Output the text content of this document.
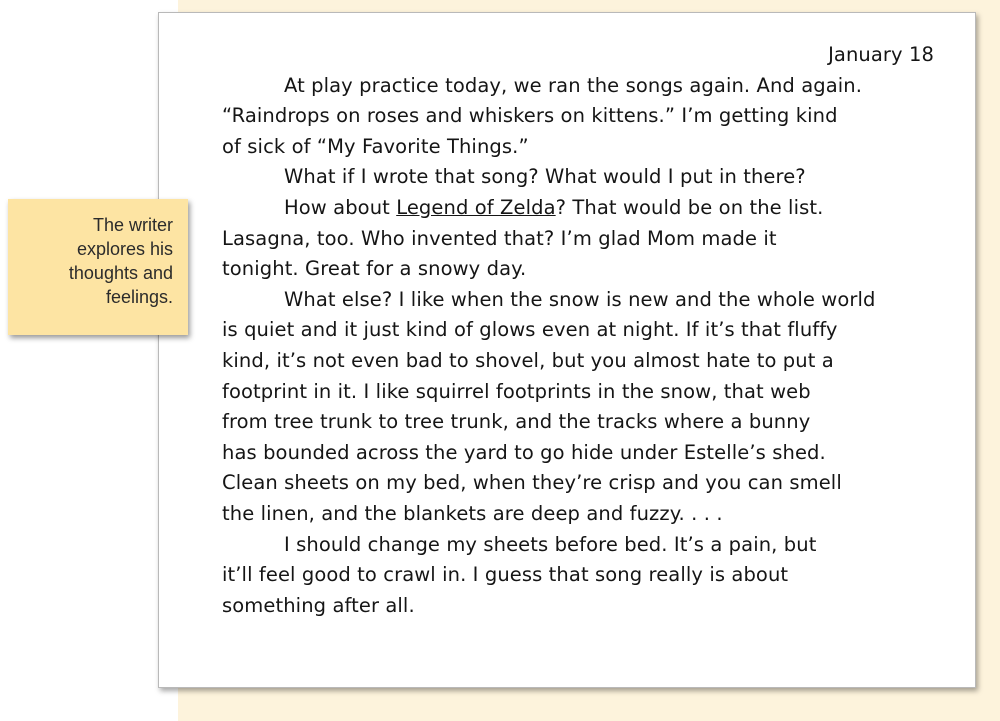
January 18

At play practice today, we ran the songs again. And again.
“Raindrops on roses and whiskers on kittens.” I’m getting kind
of sick of “My Favorite Things.”

What if I wrote that song? What would I put in there?

How about Legend of Zelda? That would be on the list.
Lasagna, too. Who invented that? I’m glad Mom made it
tonight. Great for a snowy day.

What else? I like when the snow is new and the whole world
is quiet and it just kind of glows even at night. If it’s that fluffy
kind, it’s not even bad to shovel, but you almost hate to put a
footprint in it. I like squirrel footprints in the snow, that web
from tree trunk to tree trunk, and the tracks where a bunny
has bounded across the yard to go hide under Estelle’s shed.
Clean sheets on my bed, when they’re crisp and you can smell
the linen, and the blankets are deep and fuzzy. . . .

I should change my sheets before bed. It’s a pain, but
it’ll feel good to crawl in. I guess that song really is about
something after all.

The writer
explores his
thoughts and
feelings.
